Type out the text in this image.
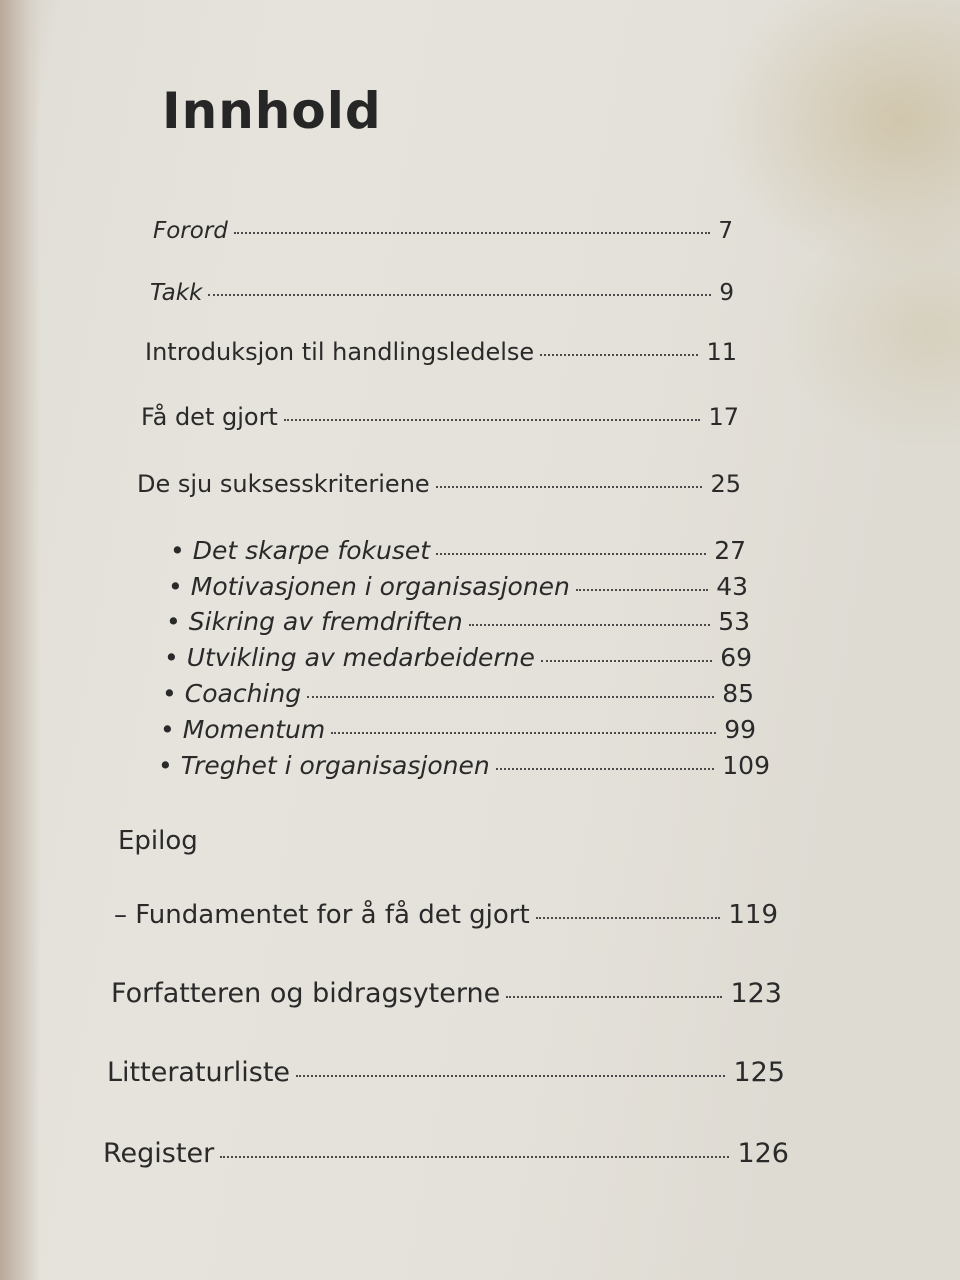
Innhold
Forord	7
Takk	9
Introduksjon til handlingsledelse	11
Få det gjort	17
De sju suksesskriteriene	25
• Det skarpe fokuset	27
• Motivasjonen i organisasjonen	43
• Sikring av fremdriften	53
• Utvikling av medarbeiderne	69
• Coaching	85
• Momentum	99
• Treghet i organisasjonen	109
Epilog
– Fundamentet for å få det gjort	119
Forfatteren og bidragsyterne	123
Litteraturliste	125
Register	126
